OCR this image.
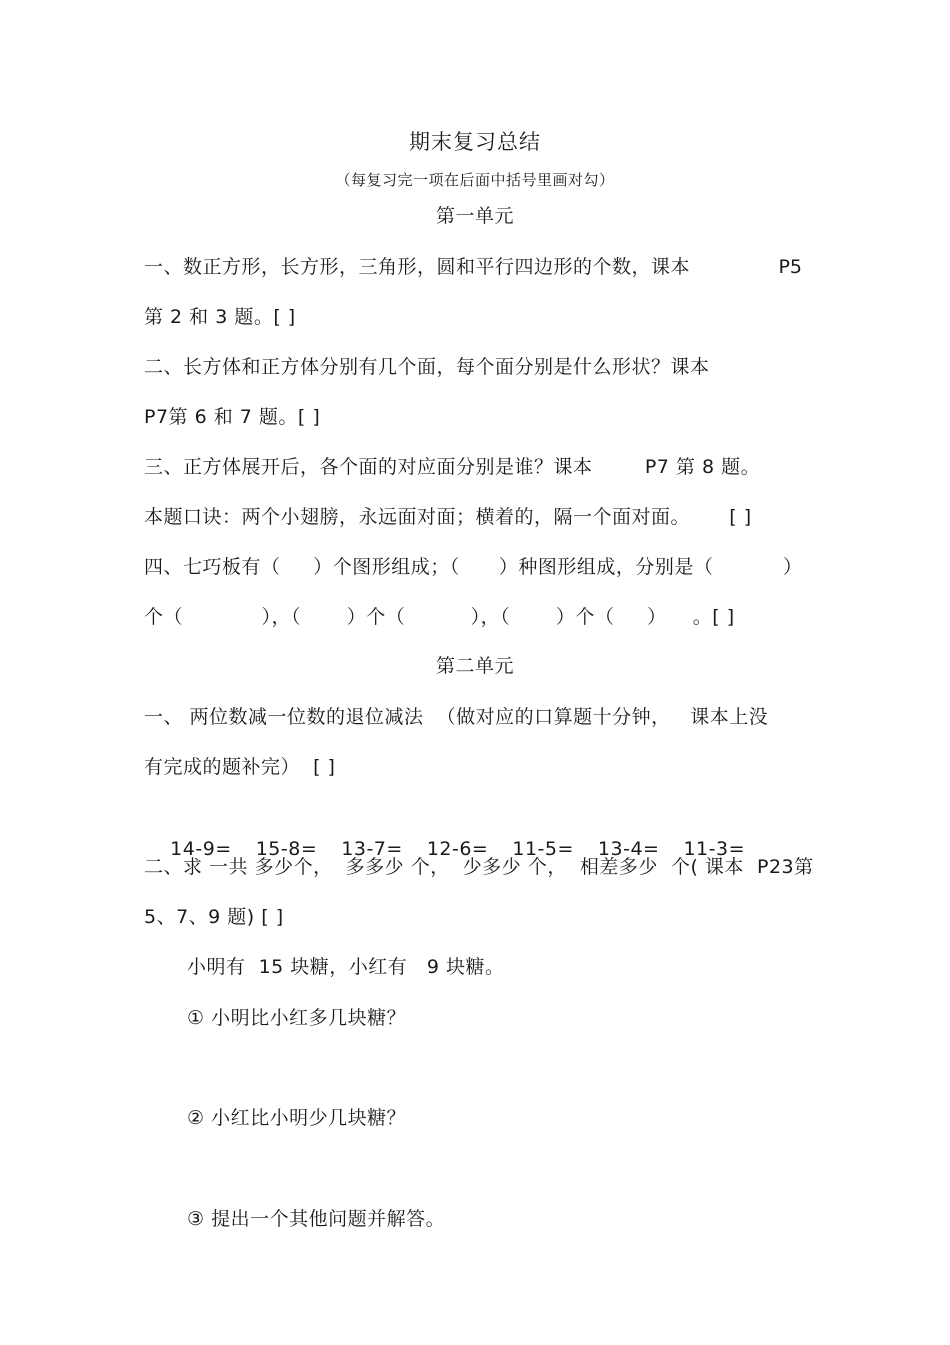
期末复习总结
（每复习完一项在后面中括号里画对勾）
第一单元
一、数正方形，长方形，三角形，圆和平行四边形的个数，课本	P5
第 2 和 3 题。[ ]
二、长方体和正方体分别有几个面，每个面分别是什么形状？课本
P7第 6 和 7 题。[ ]
三、正方体展开后，各个面的对应面分别是谁？课本        P7 第 8 题。
本题口诀：两个小翅膀，永远面对面；横着的，隔一个面对面。      [ ]
四、七巧板有（     ）个图形组成；（      ）种图形组成，分别是（	）
个（            ），（       ）个（          ），（       ）个（     ）    。[ ]
第二单元
一、 两位数减一位数的退位减法  （做对应的口算题十分钟，   课本上没
有完成的题补完）  [ ]

14-9= 15-8= 13-7= 12-6= 11-5= 13-4= 11-3=

二、求 一共 多少个，  多多少 个，  少多少 个，  相差多少  个( 课本  P23第
5、7、9 题) [ ]
小明有  15 块糖，小红有   9 块糖。
① 小明比小红多几块糖？
② 小红比小明少几块糖？
③ 提出一个其他问题并解答。
